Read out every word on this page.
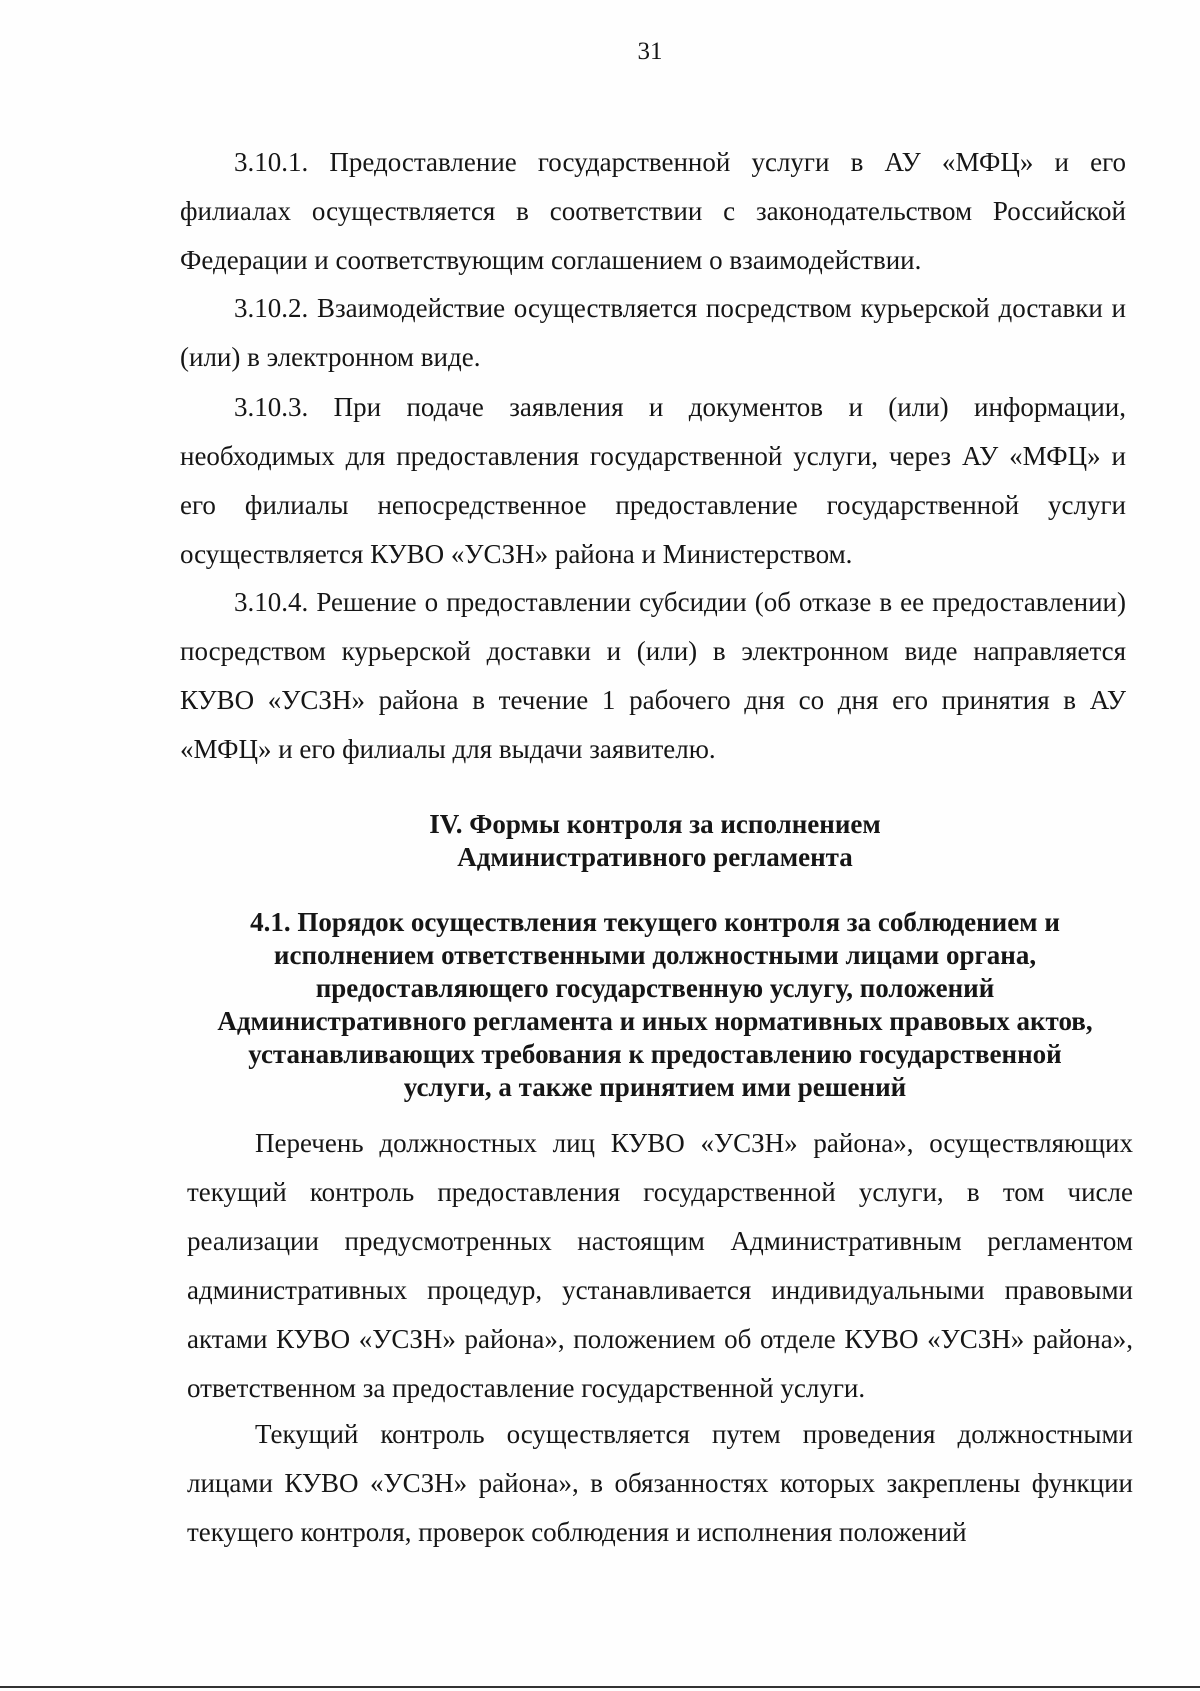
31

3.10.1. Предоставление государственной услуги в АУ «МФЦ» и его филиалах осуществляется в соответствии с законодательством Российской Федерации и соответствующим соглашением о взаимодействии.

3.10.2. Взаимодействие осуществляется посредством курьерской доставки и (или) в электронном виде.

3.10.3. При подаче заявления и документов и (или) информации, необходимых для предоставления государственной услуги, через АУ «МФЦ» и его филиалы непосредственное предоставление государственной услуги осуществляется КУВО «УСЗН» района и Министерством.

3.10.4. Решение о предоставлении субсидии (об отказе в ее предоставлении) посредством курьерской доставки и (или) в электронном виде направляется КУВО «УСЗН» района в течение 1 рабочего дня со дня его принятия в АУ «МФЦ» и его филиалы для выдачи заявителю.

IV. Формы контроля за исполнением
Административного регламента
4.1. Порядок осуществления текущего контроля за соблюдением и
исполнением ответственными должностными лицами органа,
предоставляющего государственную услугу, положений
Административного регламента и иных нормативных правовых актов,
устанавливающих требования к предоставлению государственной
услуги, а также принятием ими решений

Перечень должностных лиц КУВО «УСЗН» района», осуществляющих текущий контроль предоставления государственной услуги, в том числе реализации предусмотренных настоящим Административным регламентом административных процедур, устанавливается индивидуальными правовыми актами КУВО «УСЗН» района», положением об отделе КУВО «УСЗН» района», ответственном за предоставление государственной услуги.

Текущий контроль осуществляется путем проведения должностными лицами КУВО «УСЗН» района», в обязанностях которых закреплены функции текущего контроля, проверок соблюдения и исполнения положений
